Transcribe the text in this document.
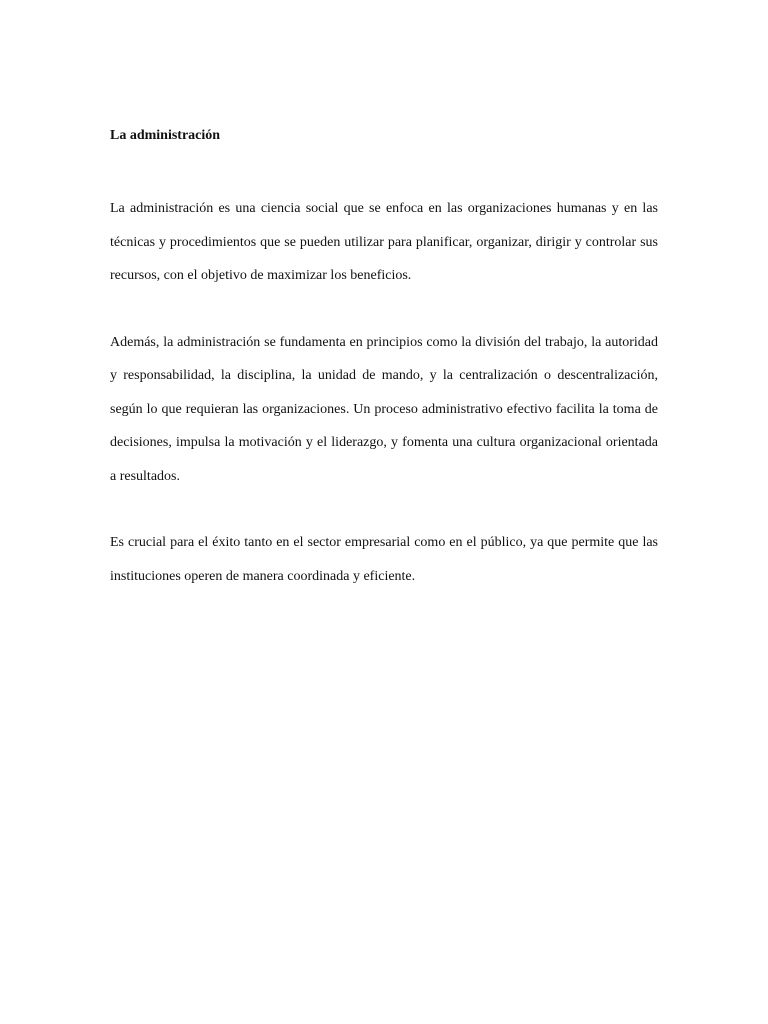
La administración

La administración es una ciencia social que se enfoca en las organizaciones humanas y en las técnicas y procedimientos que se pueden utilizar para planificar, organizar, dirigir y controlar sus recursos, con el objetivo de maximizar los beneficios.

Además, la administración se fundamenta en principios como la división del trabajo, la autoridad y responsabilidad, la disciplina, la unidad de mando, y la centralización o descentralización, según lo que requieran las organizaciones. Un proceso administrativo efectivo facilita la toma de decisiones, impulsa la motivación y el liderazgo, y fomenta una cultura organizacional orientada a resultados.

Es crucial para el éxito tanto en el sector empresarial como en el público, ya que permite que las instituciones operen de manera coordinada y eficiente.
